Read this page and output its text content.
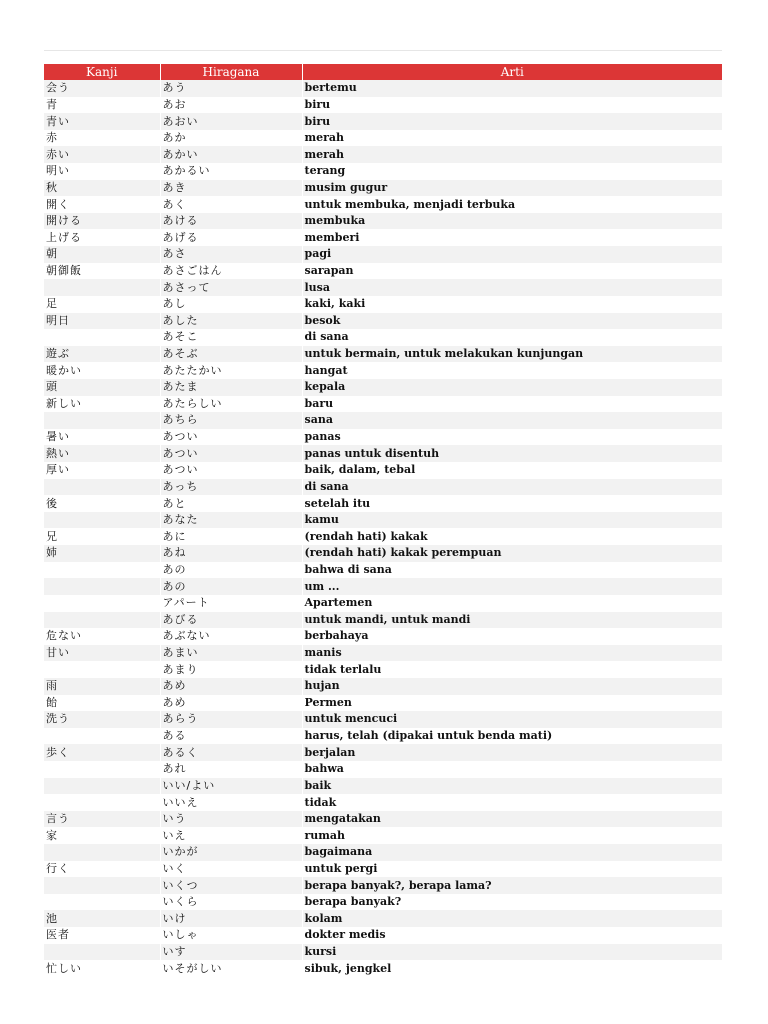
Kanji	Hiragana	Arti
会う	あう	bertemu
青	あお	biru
青い	あおい	biru
赤	あか	merah
赤い	あかい	merah
明い	あかるい	terang
秋	あき	musim gugur
開く	あく	untuk membuka, menjadi terbuka
開ける	あける	membuka
上げる	あげる	memberi
朝	あさ	pagi
朝御飯	あさごはん	sarapan
	あさって	lusa
足	あし	kaki, kaki
明日	あした	besok
	あそこ	di sana
遊ぶ	あそぶ	untuk bermain, untuk melakukan kunjungan
暖かい	あたたかい	hangat
頭	あたま	kepala
新しい	あたらしい	baru
	あちら	sana
暑い	あつい	panas
熱い	あつい	panas untuk disentuh
厚い	あつい	baik, dalam, tebal
	あっち	di sana
後	あと	setelah itu
	あなた	kamu
兄	あに	(rendah hati) kakak
姉	あね	(rendah hati) kakak perempuan
	あの	bahwa di sana
	あの	um ...
	アパート	Apartemen
	あびる	untuk mandi, untuk mandi
危ない	あぶない	berbahaya
甘い	あまい	manis
	あまり	tidak terlalu
雨	あめ	hujan
飴	あめ	Permen
洗う	あらう	untuk mencuci
	ある	harus, telah (dipakai untuk benda mati)
歩く	あるく	berjalan
	あれ	bahwa
	いい/よい	baik
	いいえ	tidak
言う	いう	mengatakan
家	いえ	rumah
	いかが	bagaimana
行く	いく	untuk pergi
	いくつ	berapa banyak?, berapa lama?
	いくら	berapa banyak?
池	いけ	kolam
医者	いしゃ	dokter medis
	いす	kursi
忙しい	いそがしい	sibuk, jengkel
